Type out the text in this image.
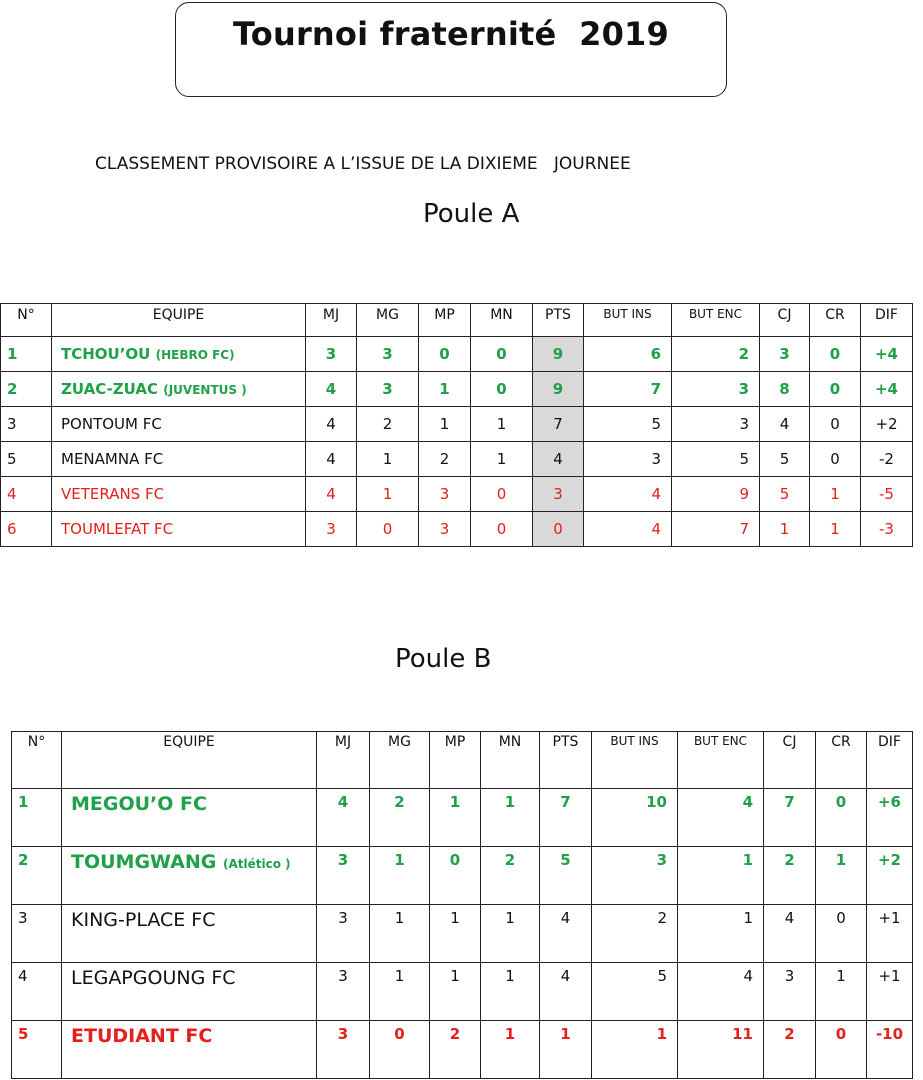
Tournoi fraternité  2019
CLASSEMENT PROVISOIRE A L’ISSUE DE LA DIXIEME   JOURNEE
Poule A
N°	EQUIPE	MJ	MG	MP	MN	PTS	BUT INS	BUT ENC	CJ	CR	DIF
1	TCHOU’OU (HEBRO FC)	3	3	0	0	9	6	2	3	0	+4
2	ZUAC-ZUAC (JUVENTUS )	4	3	1	0	9	7	3	8	0	+4
3	PONTOUM FC	4	2	1	1	7	5	3	4	0	+2
5	MENAMNA FC	4	1	2	1	4	3	5	5	0	-2
4	VETERANS FC	4	1	3	0	3	4	9	5	1	-5
6	TOUMLEFAT FC	3	0	3	0	0	4	7	1	1	-3
Poule B
N°	EQUIPE	MJ	MG	MP	MN	PTS	BUT INS	BUT ENC	CJ	CR	DIF
1	MEGOU’O FC	4	2	1	1	7	10	4	7	0	+6
2	TOUMGWANG (Atlético )	3	1	0	2	5	3	1	2	1	+2
3	KING-PLACE FC	3	1	1	1	4	2	1	4	0	+1
4	LEGAPGOUNG FC	3	1	1	1	4	5	4	3	1	+1
5	ETUDIANT FC	3	0	2	1	1	1	11	2	0	-10
